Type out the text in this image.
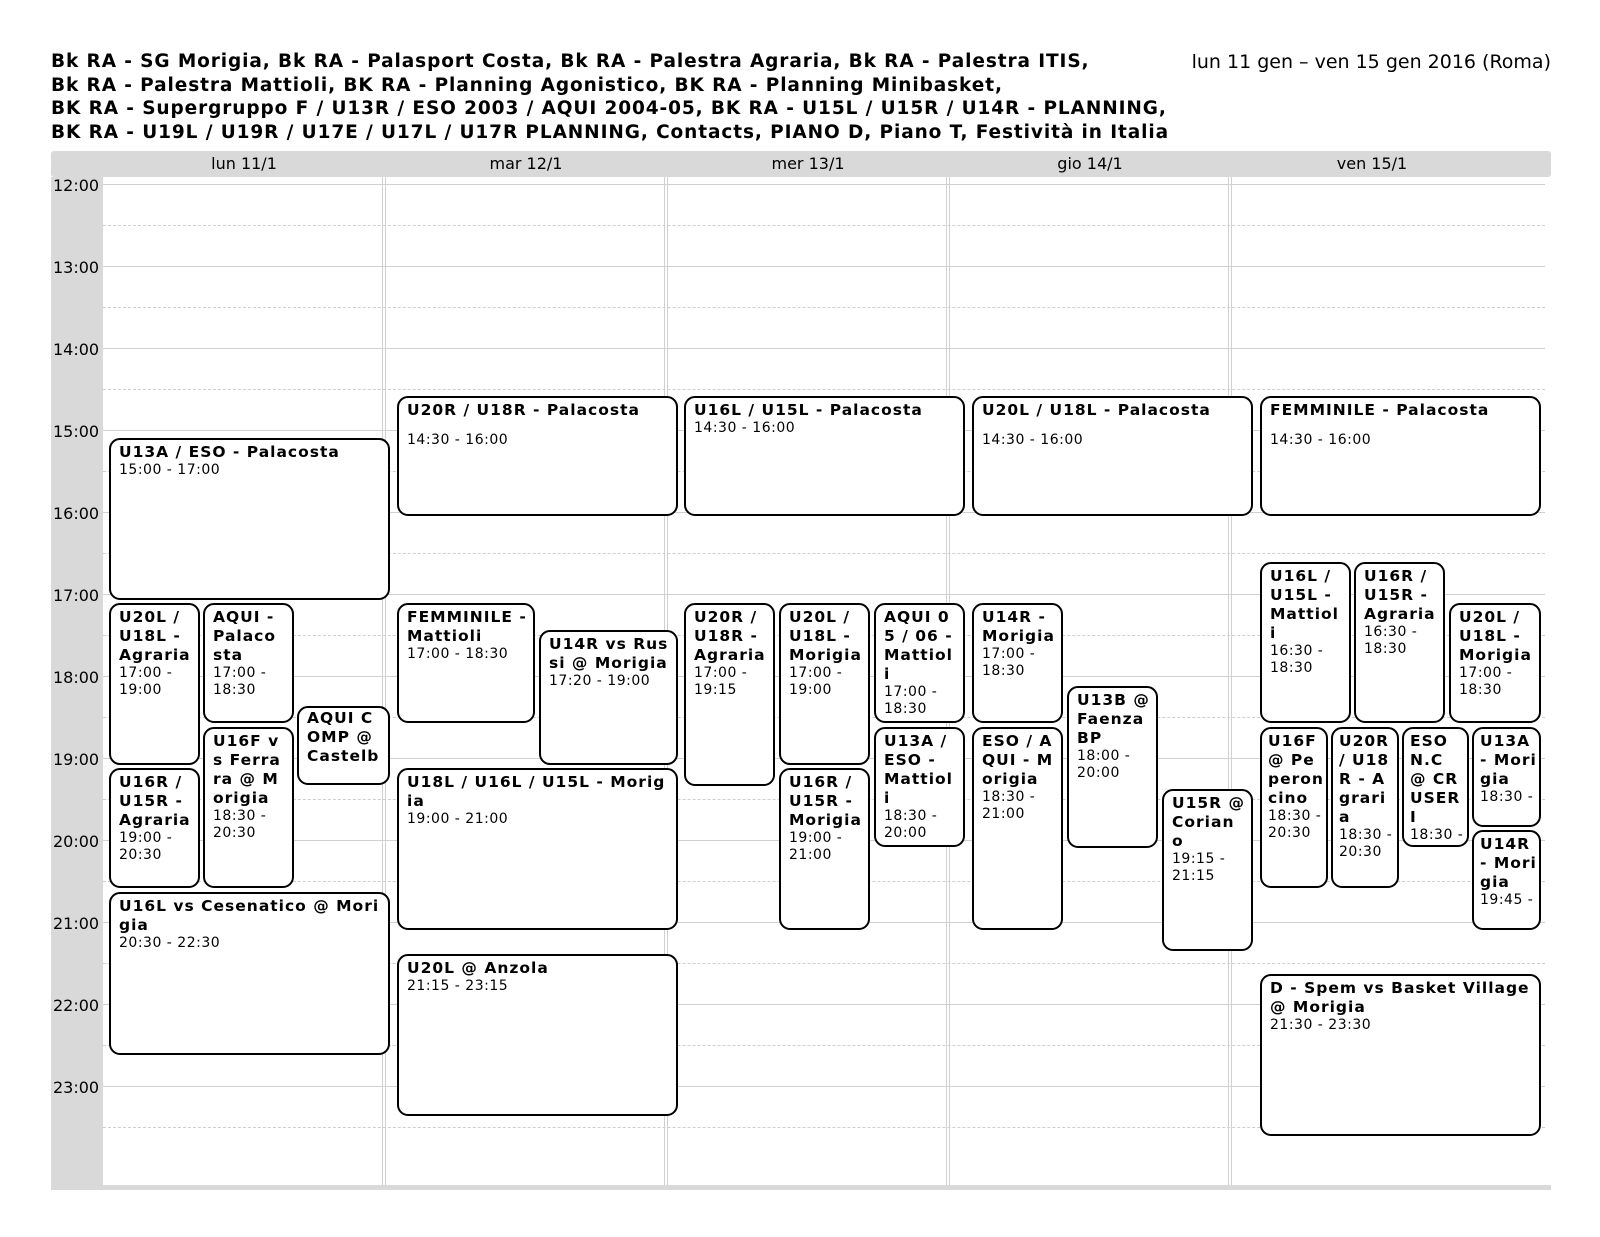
Bk RA - SG Morigia, Bk RA - Palasport Costa, Bk RA - Palestra Agraria, Bk RA - Palestra ITIS,
Bk RA - Palestra Mattioli, BK RA - Planning Agonistico, BK RA - Planning Minibasket,
BK RA - Supergruppo F / U13R / ESO 2003 / AQUI 2004-05, BK RA - U15L / U15R / U14R - PLANNING,
BK RA - U19L / U19R / U17E / U17L / U17R PLANNING, Contacts, PIANO D, Piano T, Festività in Italia
lun 11 gen – ven 15 gen 2016 (Roma)
lun 11/1	mar 12/1	mer 13/1	gio 14/1	ven 15/1
12:00
13:00
14:00
15:00
16:00
17:00
18:00
19:00
20:00
21:00
22:00
23:00
U13A / ESO - Palacosta
15:00 - 17:00
U20L / U18L - Agraria
17:00 - 19:00
AQUI - Palacosta
17:00 - 18:30
AQUI COMP @ Castelb
U16F vs Ferrara @ Morigia
18:30 - 20:30
U16R / U15R - Agraria
19:00 - 20:30
U16L vs Cesenatico @ Morigia
20:30 - 22:30
U20R / U18R - Palacosta
14:30 - 16:00
FEMMINILE - Mattioli
17:00 - 18:30
U14R vs Russi @ Morigia
17:20 - 19:00
U18L / U16L / U15L - Morigia
19:00 - 21:00
U20L @ Anzola
21:15 - 23:15
U16L / U15L - Palacosta
14:30 - 16:00
U20R / U18R - Agraria
17:00 - 19:15
U20L / U18L - Morigia
17:00 - 19:00
AQUI 05 / 06 - Mattioli
17:00 - 18:30
U13A / ESO - Mattioli
18:30 - 20:00
U16R / U15R - Morigia
19:00 - 21:00
U20L / U18L - Palacosta
14:30 - 16:00
U14R - Morigia
17:00 - 18:30
ESO / AQUI - Morigia
18:30 - 21:00
U13B @ Faenza BP
18:00 - 20:00
U15R @ Coriano
19:15 - 21:15
FEMMINILE - Palacosta
14:30 - 16:00
U16L / U15L - Mattioli
16:30 - 18:30
U16R / U15R - Agraria
16:30 - 18:30
U20L / U18L - Morigia
17:00 - 18:30
U16F @ Peperoncino
18:30 - 20:30
U20R / U18R - Agraria
18:30 - 20:30
ESO N.C @ CRUSERI
18:30 -
U13A - Morigia
18:30 -
U14R - Morigia
19:45 -
D - Spem vs Basket Village @ Morigia
21:30 - 23:30
